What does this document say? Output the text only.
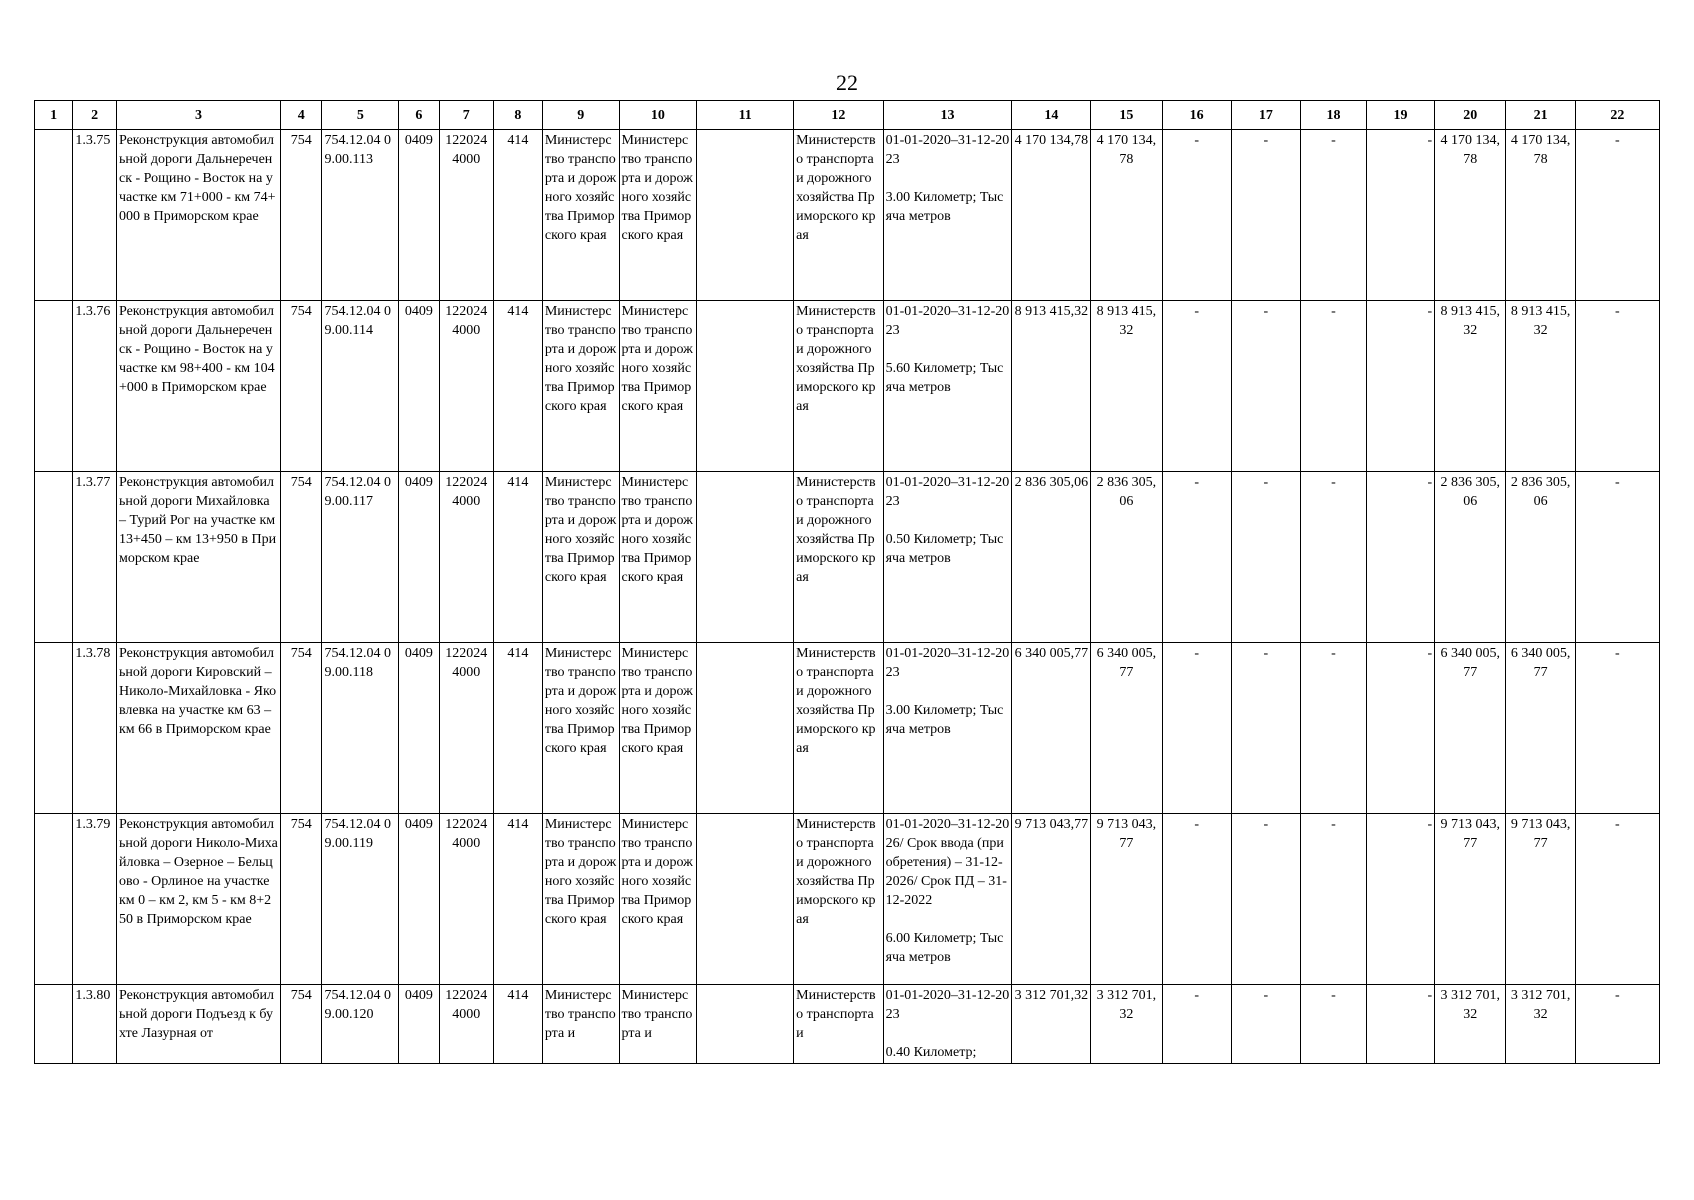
22
1	2	3	4	5	6	7	8	9	10	11	12	13	14	15	16	17	18	19	20	21	22
	1.3.75	Реконструкция автомобильной дороги Дальнереченск - Рощино - Восток на участке км 71+000 - км 74+000 в Приморском крае	754	754.12.04 09.00.113	0409	122024 4000	414	Министерство транспорта и дорожного хозяйства Приморского края	Министерство транспорта и дорожного хозяйства Приморского края		Министерство транспорта и дорожного хозяйства Приморского края	01-01-2020–31-12-2023
3.00 Километр; Тысяча метров	4 170 134,78	4 170 134,78	-	-	-	-	4 170 134,78	4 170 134,78	-
	1.3.76	Реконструкция автомобильной дороги Дальнереченск - Рощино - Восток на участке км 98+400 - км 104+000 в Приморском крае	754	754.12.04 09.00.114	0409	122024 4000	414	Министерство транспорта и дорожного хозяйства Приморского края	Министерство транспорта и дорожного хозяйства Приморского края		Министерство транспорта и дорожного хозяйства Приморского края	01-01-2020–31-12-2023
5.60 Километр; Тысяча метров	8 913 415,32	8 913 415,32	-	-	-	-	8 913 415,32	8 913 415,32	-
	1.3.77	Реконструкция автомобильной дороги Михайловка – Турий Рог на участке км 13+450 – км 13+950 в Приморском крае	754	754.12.04 09.00.117	0409	122024 4000	414	Министерство транспорта и дорожного хозяйства Приморского края	Министерство транспорта и дорожного хозяйства Приморского края		Министерство транспорта и дорожного хозяйства Приморского края	01-01-2020–31-12-2023
0.50 Километр; Тысяча метров	2 836 305,06	2 836 305,06	-	-	-	-	2 836 305,06	2 836 305,06	-
	1.3.78	Реконструкция автомобильной дороги Кировский – Николо-Михайловка - Яковлевка на участке км 63 – км 66 в Приморском крае	754	754.12.04 09.00.118	0409	122024 4000	414	Министерство транспорта и дорожного хозяйства Приморского края	Министерство транспорта и дорожного хозяйства Приморского края		Министерство транспорта и дорожного хозяйства Приморского края	01-01-2020–31-12-2023
3.00 Километр; Тысяча метров	6 340 005,77	6 340 005,77	-	-	-	-	6 340 005,77	6 340 005,77	-
	1.3.79	Реконструкция автомобильной дороги Николо-Михайловка – Озерное – Бельцово - Орлиное на участке км 0 – км 2, км 5 - км 8+250 в Приморском крае	754	754.12.04 09.00.119	0409	122024 4000	414	Министерство транспорта и дорожного хозяйства Приморского края	Министерство транспорта и дорожного хозяйства Приморского края		Министерство транспорта и дорожного хозяйства Приморского края	01-01-2020–31-12-2026/ Срок ввода (приобретения) – 31-12-2026/ Срок ПД – 31-12-2022
6.00 Километр; Тысяча метров	9 713 043,77	9 713 043,77	-	-	-	-	9 713 043,77	9 713 043,77	-
	1.3.80	Реконструкция автомобильной дороги Подъезд к бухте Лазурная от	754	754.12.04 09.00.120	0409	122024 4000	414	Министерство транспорта и	Министерство транспорта и		Министерство транспорта и	01-01-2020–31-12-2023
0.40 Километр;	3 312 701,32	3 312 701,32	-	-	-	-	3 312 701,32	3 312 701,32	-
